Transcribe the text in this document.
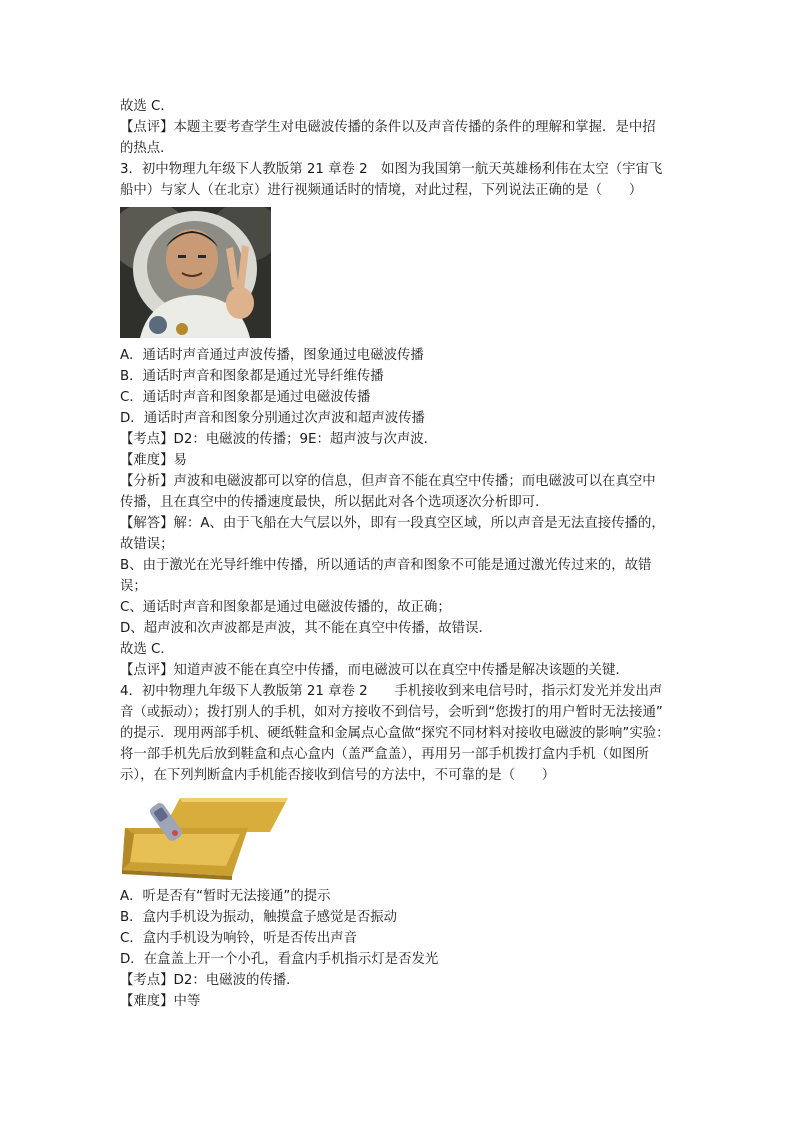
故选 C．
【点评】本题主要考查学生对电磁波传播的条件以及声音传播的条件的理解和掌握．是中招
的热点．
3．初中物理九年级下人教版第 21 章卷 2　如图为我国第一航天英雄杨利伟在太空（宇宙飞
船中）与家人（在北京）进行视频通话时的情境，对此过程，下列说法正确的是（　　）
A．通话时声音通过声波传播，图象通过电磁波传播
B．通话时声音和图象都是通过光导纤维传播
C．通话时声音和图象都是通过电磁波传播
D．通话时声音和图象分别通过次声波和超声波传播
【考点】D2：电磁波的传播；9E：超声波与次声波．
【难度】易
【分析】声波和电磁波都可以穿的信息，但声音不能在真空中传播；而电磁波可以在真空中
传播，且在真空中的传播速度最快，所以据此对各个选项逐次分析即可．
【解答】解：A、由于飞船在大气层以外，即有一段真空区域，所以声音是无法直接传播的，
故错误；
B、由于激光在光导纤维中传播，所以通话的声音和图象不可能是通过激光传过来的，故错
误；
C、通话时声音和图象都是通过电磁波传播的，故正确；
D、超声波和次声波都是声波，其不能在真空中传播，故错误．
故选 C．
【点评】知道声波不能在真空中传播，而电磁波可以在真空中传播是解决该题的关键．
4．初中物理九年级下人教版第 21 章卷 2　　手机接收到来电信号时，指示灯发光并发出声
音（或振动）；拨打别人的手机，如对方接收不到信号，会听到“您拨打的用户暂时无法接通”
的提示．现用两部手机、硬纸鞋盒和金属点心盒做“探究不同材料对接收电磁波的影响”实验：
将一部手机先后放到鞋盒和点心盒内（盖严盒盖），再用另一部手机拨打盒内手机（如图所
示），在下列判断盒内手机能否接收到信号的方法中，不可靠的是（　　）
A．听是否有“暂时无法接通”的提示
B．盒内手机设为振动，触摸盒子感觉是否振动
C．盒内手机设为响铃，听是否传出声音
D．在盒盖上开一个小孔，看盒内手机指示灯是否发光
【考点】D2：电磁波的传播．
【难度】中等
